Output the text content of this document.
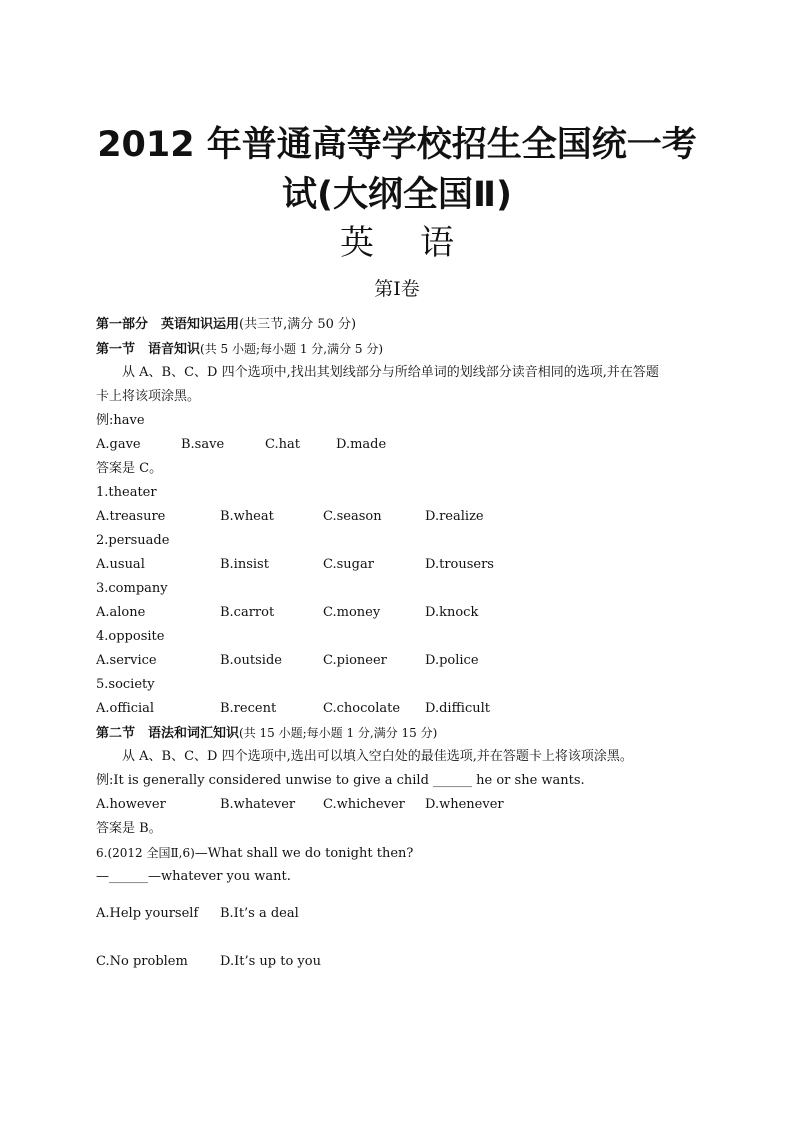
2012 年普通高等学校招生全国统一考
试(大纲全国Ⅱ)
英 语
第Ⅰ卷
第一部分　英语知识运用(共三节,满分 50 分)
第一节　语音知识(共 5 小题;每小题 1 分,满分 5 分)
从 A、B、C、D 四个选项中,找出其划线部分与所给单词的划线部分读音相同的选项,并在答题
卡上将该项涂黑。
例:have
A.gave	B.save	C.hat	D.made
答案是 C。
1.theater
A.treasure	B.wheat	C.season	D.realize
2.persuade
A.usual	B.insist	C.sugar	D.trousers
3.company
A.alone	B.carrot	C.money	D.knock
4.opposite
A.service	B.outside	C.pioneer	D.police
5.society
A.official	B.recent	C.chocolate D.difficult
第二节　语法和词汇知识(共 15 小题;每小题 1 分,满分 15 分)
从 A、B、C、D 四个选项中,选出可以填入空白处的最佳选项,并在答题卡上将该项涂黑。
例:It is generally considered unwise to give a child ______ he or she wants.
A.however	B.whatever C.whichever D.whenever
答案是 B。
6.(2012 全国Ⅱ,6)—What shall we do tonight then?
—______—whatever you want.
A.Help yourself B.It’s a deal
C.No problem D.It’s up to you
